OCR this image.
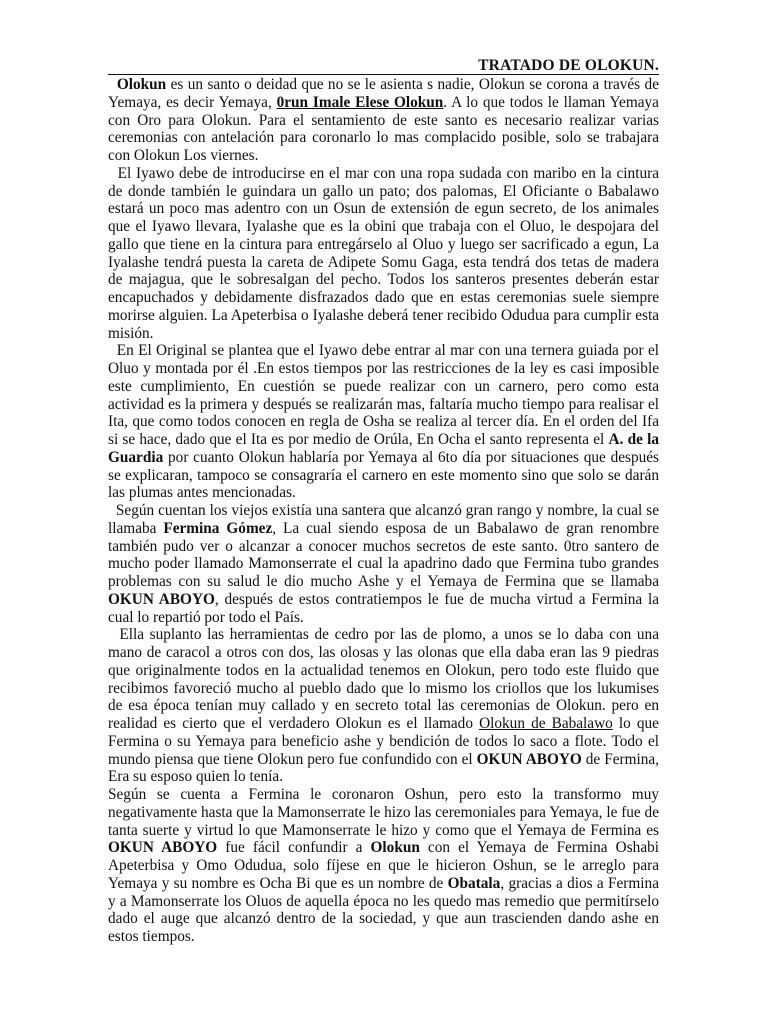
TRATADO DE OLOKUN.

Olokun es un santo o deidad que no se le asienta s nadie, Olokun se corona a través de Yemaya, es decir Yemaya, 0run Imale Elese Olokun. A lo que todos le llaman Yemaya con Oro para Olokun. Para el sentamiento de este santo es necesario realizar varias ceremonias con antelación para coronarlo lo mas complacido posible, solo se trabajara con Olokun Los viernes.

El Iyawo debe de introducirse en el mar con una ropa sudada con maribo en la cintura de donde también le guindara un gallo un pato; dos palomas, El Oficiante o Babalawo estará un poco mas adentro con un Osun de extensión de egun secreto, de los animales que el Iyawo llevara, Iyalashe que es la obini que trabaja con el Oluo, le despojara del gallo que tiene en la cintura para entregárselo al Oluo y luego ser sacrificado a egun, La Iyalashe tendrá puesta la careta de Adipete Somu Gaga, esta tendrá dos tetas de madera de majagua, que le sobresalgan del pecho. Todos los santeros presentes deberán estar encapuchados y debidamente disfrazados dado que en estas ceremonias suele siempre morirse alguien. La Apeterbisa o Iyalashe deberá tener recibido Odudua para cumplir esta misión.

En El Original se plantea que el Iyawo debe entrar al mar con una ternera guiada por el Oluo y montada por él .En estos tiempos por las restricciones de la ley es casi imposible este cumplimiento, En cuestión se puede realizar con un carnero, pero como esta actividad es la primera y después se realizarán mas, faltaría mucho tiempo para realisar el Ita, que como todos conocen en regla de Osha se realiza al tercer día. En el orden del Ifa si se hace, dado que el Ita es por medio de Orúla, En Ocha el santo representa el A. de la Guardia por cuanto Olokun hablaría por Yemaya al 6to día por situaciones que después se explicaran, tampoco se consagraría el carnero en este momento sino que solo se darán las plumas antes mencionadas.

Según cuentan los viejos existía una santera que alcanzó gran rango y nombre, la cual se llamaba Fermina Gómez, La cual siendo esposa de un Babalawo de gran renombre también pudo ver o alcanzar a conocer muchos secretos de este santo. 0tro santero de mucho poder llamado Mamonserrate el cual la apadrino dado que Fermina tubo grandes problemas con su salud le dio mucho Ashe y el Yemaya de Fermina que se llamaba OKUN ABOYO, después de estos contratiempos le fue de mucha virtud a Fermina la cual lo repartió por todo el País.

Ella suplanto las herramientas de cedro por las de plomo, a unos se lo daba con una mano de caracol a otros con dos, las olosas y las olonas que ella daba eran las 9 piedras que originalmente todos en la actualidad tenemos en Olokun, pero todo este fluido que recibimos favoreció mucho al pueblo dado que lo mismo los criollos que los lukumises de esa época tenían muy callado y en secreto total las ceremonias de Olokun. pero en realidad es cierto que el verdadero Olokun es el llamado Olokun de Babalawo lo que Fermina o su Yemaya para beneficio ashe y bendición de todos lo saco a flote. Todo el mundo piensa que tiene Olokun pero fue confundido con el OKUN ABOYO de Fermina, Era su esposo quien lo tenía.

Según se cuenta a Fermina le coronaron Oshun, pero esto la transformo muy negativamente hasta que la Mamonserrate le hizo las ceremoniales para Yemaya, le fue de tanta suerte y virtud lo que Mamonserrate le hizo y como que el Yemaya de Fermina es OKUN ABOYO fue fácil confundir a Olokun con el Yemaya de Fermina Oshabi Apeterbisa y Omo Odudua, solo fíjese en que le hicieron Oshun, se le arreglo para Yemaya y su nombre es Ocha Bi que es un nombre de Obatala, gracias a dios a Fermina y a Mamonserrate los Oluos de aquella época no les quedo mas remedio que permitírselo dado el auge que alcanzó dentro de la sociedad, y que aun trascienden dando ashe en estos tiempos.
